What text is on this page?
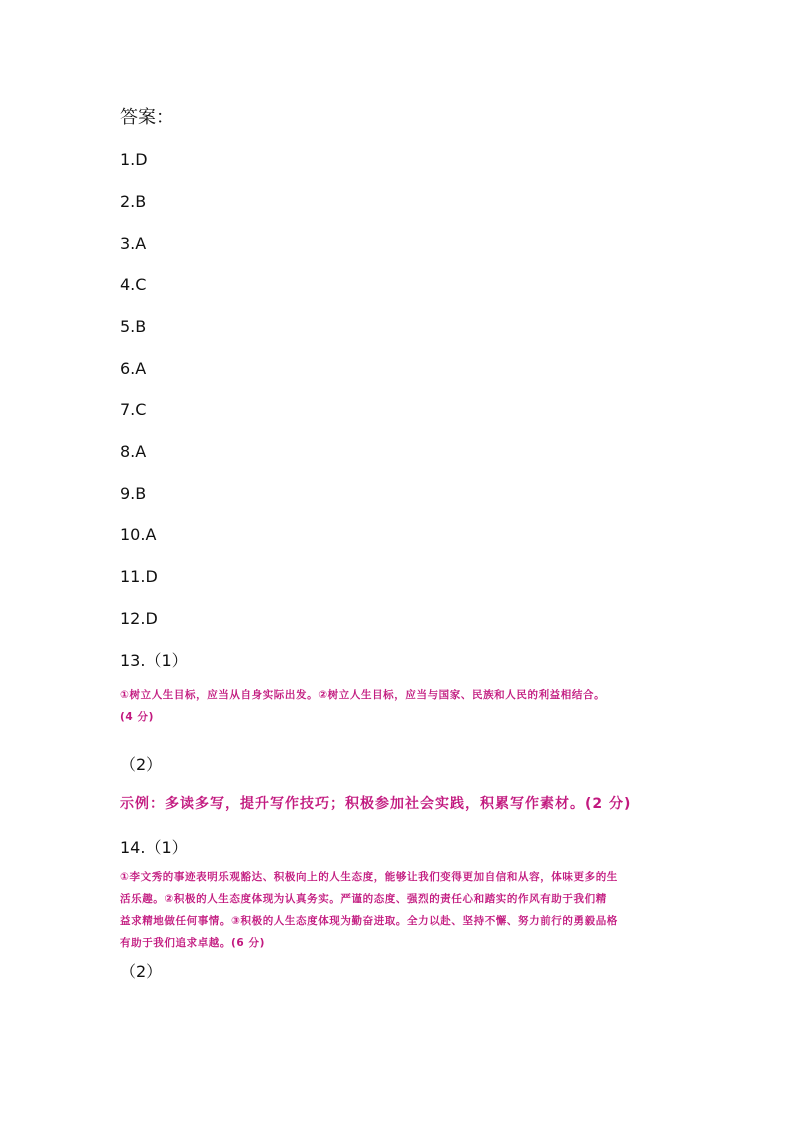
答案：
1.D
2.B
3.A
4.C
5.B
6.A
7.C
8.A
9.B
10.A
11.D
12.D
13.（1）
①树立人生目标，应当从自身实际出发。②树立人生目标，应当与国家、民族和人民的利益相结合。
(4 分)
（2）
示例：多读多写，提升写作技巧；积极参加社会实践，积累写作素材。(2 分)
14.（1）
①李文秀的事迹表明乐观豁达、积极向上的人生态度，能够让我们变得更加自信和从容，体味更多的生
活乐趣。②积极的人生态度体现为认真务实。严谨的态度、强烈的责任心和踏实的作风有助于我们精
益求精地做任何事情。③积极的人生态度体现为勤奋进取。全力以赴、坚持不懈、努力前行的勇毅品格
有助于我们追求卓越。(6 分)
（2）
